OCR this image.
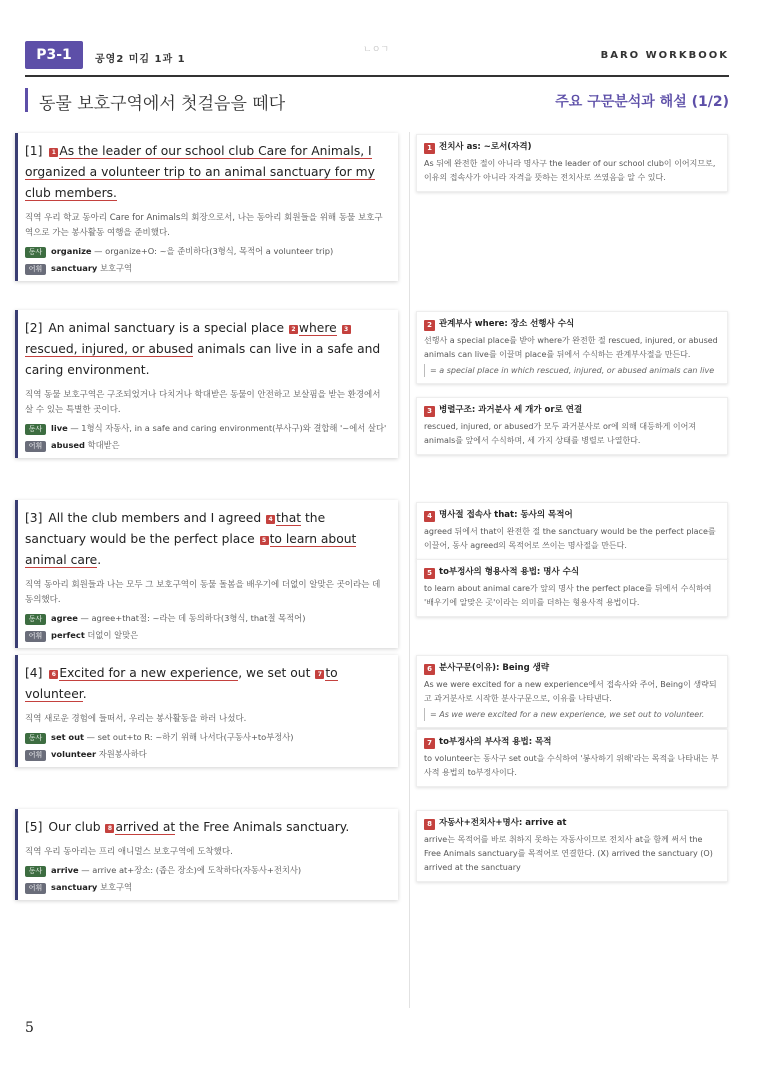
P3-1	공영2 미김 1과 1
ㄴㅇㄱ	BARO WORKBOOK
동물 보호구역에서 첫걸음을 떼다	주요 구문분석과 해설 (1/2)
[1] 1 As the leader of our school club Care for Animals, I organized a volunteer trip to an animal sanctuary for my club members.
직역 우리 학교 동아리 Care for Animals의 회장으로서, 나는 동아리 회원들을 위해 동물 보호구역으로 가는 봉사활동 여행을 준비했다.
동사 organize — organize+O: ~을 준비하다(3형식, 목적어 a volunteer trip)
어휘 sanctuary 보호구역
[2] An animal sanctuary is a special place 2 where 3rescued, injured, or abused animals can live in a safe and caring environment.
직역 동물 보호구역은 구조되었거나 다치거나 학대받은 동물이 안전하고 보살핌을 받는 환경에서 살 수 있는 특별한 곳이다.
동사 live — 1형식 자동사, in a safe and caring environment(부사구)와 결합해 '~에서 살다'
어휘 abused 학대받은
[3] All the club members and I agreed 4 that the sanctuary would be the perfect place 5 to learn about animal care.
직역 동아리 회원들과 나는 모두 그 보호구역이 동물 돌봄을 배우기에 더없이 알맞은 곳이라는 데 동의했다.
동사 agree — agree+that절: ~라는 데 동의하다(3형식, that절 목적어)
어휘 perfect 더없이 알맞은
[4] 6 Excited for a new experience, we set out 7 to volunteer.
직역 새로운 경험에 들떠서, 우리는 봉사활동을 하러 나섰다.
동사 set out — set out+to R: ~하기 위해 나서다(구동사+to부정사)
어휘 volunteer 자원봉사하다
[5] Our club 8 arrived at the Free Animals sanctuary.
직역 우리 동아리는 프리 애니멀스 보호구역에 도착했다.
동사 arrive — arrive at+장소: (좁은 장소)에 도착하다(자동사+전치사)
어휘 sanctuary 보호구역
1 전치사 as: ~로서(자격)
As 뒤에 완전한 절이 아니라 명사구 the leader of our school club이 이어지므로, 이유의 접속사가 아니라 자격을 뜻하는 전치사로 쓰였음을 알 수 있다.
2 관계부사 where: 장소 선행사 수식
선행사 a special place를 받아 where가 완전한 절 rescued, injured, or abused animals can live를 이끌며 place를 뒤에서 수식하는 관계부사절을 만든다.
= a special place in which rescued, injured, or abused animals can live
3 병렬구조: 과거분사 세 개가 or로 연결
rescued, injured, or abused가 모두 과거분사로 or에 의해 대등하게 이어져 animals를 앞에서 수식하며, 세 가지 상태를 병렬로 나열한다.
4 명사절 접속사 that: 동사의 목적어
agreed 뒤에서 that이 완전한 절 the sanctuary would be the perfect place를 이끌어, 동사 agreed의 목적어로 쓰이는 명사절을 만든다.
5 to부정사의 형용사적 용법: 명사 수식
to learn about animal care가 앞의 명사 the perfect place를 뒤에서 수식하여 '배우기에 알맞은 곳'이라는 의미를 더하는 형용사적 용법이다.
6 분사구문(이유): Being 생략
As we were excited for a new experience에서 접속사와 주어, Being이 생략되고 과거분사로 시작한 분사구문으로, 이유를 나타낸다.
= As we were excited for a new experience, we set out to volunteer.
7 to부정사의 부사적 용법: 목적
to volunteer는 동사구 set out을 수식하여 '봉사하기 위해'라는 목적을 나타내는 부사적 용법의 to부정사이다.
8 자동사+전치사+명사: arrive at
arrive는 목적어를 바로 취하지 못하는 자동사이므로 전치사 at을 함께 써서 the Free Animals sanctuary를 목적어로 연결한다. (X) arrived the sanctuary (O) arrived at the sanctuary
5
